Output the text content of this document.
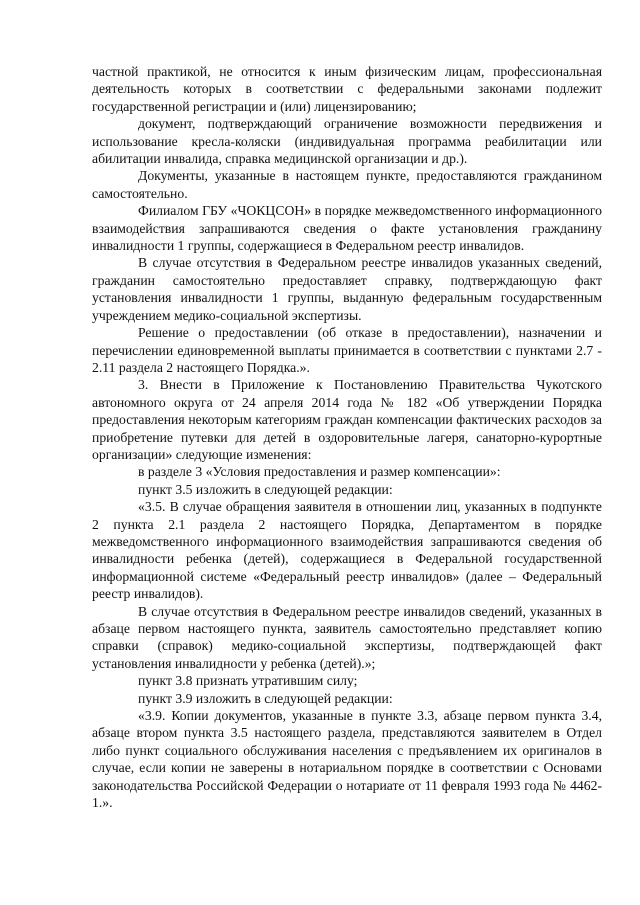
частной практикой, не относится к иным физическим лицам, профессиональная деятельность которых в соответствии с федеральными законами подлежит государственной регистрации и (или) лицензированию;

документ, подтверждающий ограничение возможности передвижения и использование кресла-коляски (индивидуальная программа реабилитации или абилитации инвалида, справка медицинской организации и др.).

Документы, указанные в настоящем пункте, предоставляются гражданином самостоятельно.

Филиалом ГБУ «ЧОКЦСОН» в порядке межведомственного информационного взаимодействия запрашиваются сведения о факте установления гражданину инвалидности 1 группы, содержащиеся в Федеральном реестр инвалидов.

В случае отсутствия в Федеральном реестре инвалидов указанных сведений, гражданин самостоятельно предоставляет справку, подтверждающую факт установления инвалидности 1 группы, выданную федеральным государственным учреждением медико-социальной экспертизы.

Решение о предоставлении (об отказе в предоставлении), назначении и перечислении единовременной выплаты принимается в соответствии с пунктами 2.7 - 2.11 раздела 2 настоящего Порядка.».

3. Внести в Приложение к Постановлению Правительства Чукотского автономного округа от 24 апреля 2014 года № 182 «Об утверждении Порядка предоставления некоторым категориям граждан компенсации фактических расходов за приобретение путевки для детей в оздоровительные лагеря, санаторно-курортные организации» следующие изменения:

в разделе 3 «Условия предоставления и размер компенсации»:

пункт 3.5 изложить в следующей редакции:

«3.5. В случае обращения заявителя в отношении лиц, указанных в подпункте 2 пункта 2.1 раздела 2 настоящего Порядка, Департаментом в порядке межведомственного информационного взаимодействия запрашиваются сведения об инвалидности ребенка (детей), содержащиеся в Федеральной государственной информационной системе «Федеральный реестр инвалидов» (далее – Федеральный реестр инвалидов).

В случае отсутствия в Федеральном реестре инвалидов сведений, указанных в абзаце первом настоящего пункта, заявитель самостоятельно представляет копию справки (справок) медико-социальной экспертизы, подтверждающей факт установления инвалидности у ребенка (детей).»;

пункт 3.8 признать утратившим силу;

пункт 3.9 изложить в следующей редакции:

«3.9. Копии документов, указанные в пункте 3.3, абзаце первом пункта 3.4, абзаце втором пункта 3.5 настоящего раздела, представляются заявителем в Отдел либо пункт социального обслуживания населения с предъявлением их оригиналов в случае, если копии не заверены в нотариальном порядке в соответствии с Основами законодательства Российской Федерации о нотариате от 11 февраля 1993 года № 4462-1.».
